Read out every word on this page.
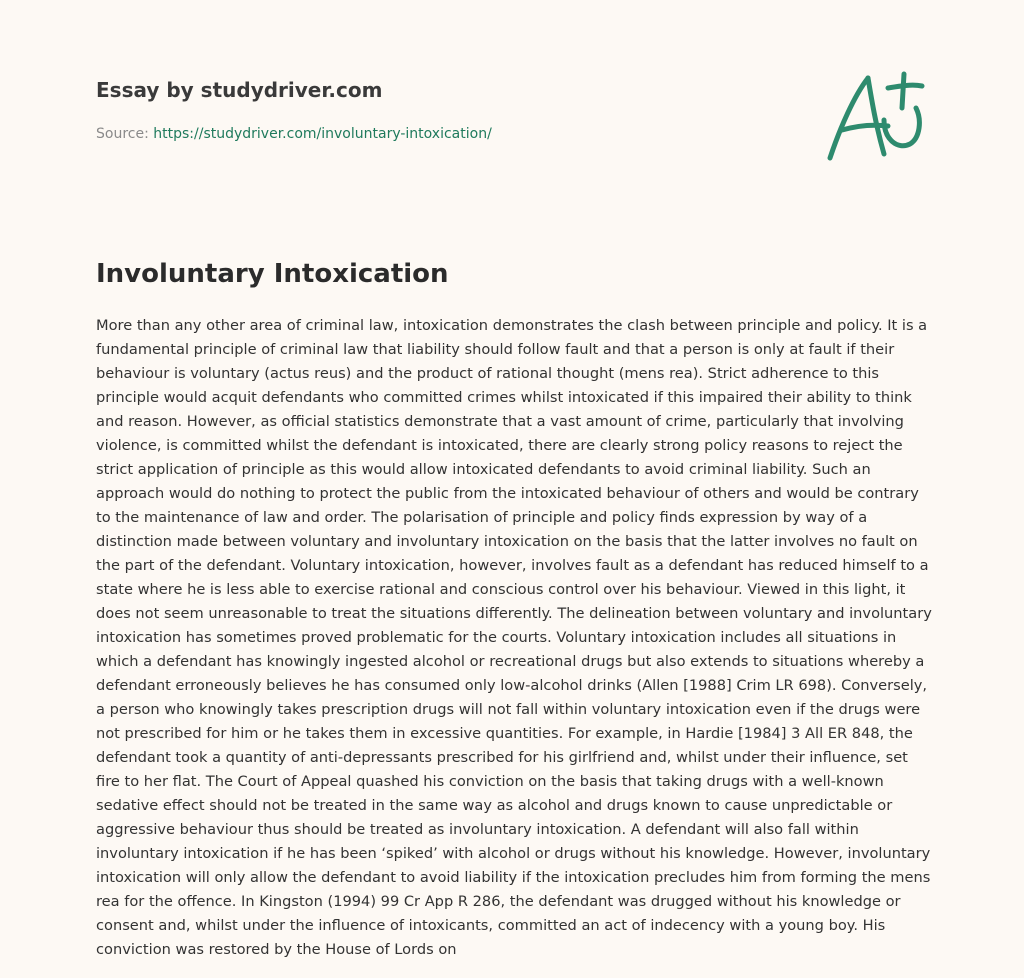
Essay by studydriver.com
Source: https://studydriver.com/involuntary-intoxication/
Involuntary Intoxication

More than any other area of criminal law, intoxication demonstrates the clash between principle and policy. It is a fundamental principle of criminal law that liability should follow fault and that a person is only at fault if their behaviour is voluntary (actus reus) and the product of rational thought (mens rea). Strict adherence to this principle would acquit defendants who committed crimes whilst intoxicated if this impaired their ability to think and reason. However, as official statistics demonstrate that a vast amount of crime, particularly that involving violence, is committed whilst the defendant is intoxicated, there are clearly strong policy reasons to reject the strict application of principle as this would allow intoxicated defendants to avoid criminal liability. Such an approach would do nothing to protect the public from the intoxicated behaviour of others and would be contrary to the maintenance of law and order. The polarisation of principle and policy finds expression by way of a distinction made between voluntary and involuntary intoxication on the basis that the latter involves no fault on the part of the defendant. Voluntary intoxication, however, involves fault as a defendant has reduced himself to a state where he is less able to exercise rational and conscious control over his behaviour. Viewed in this light, it does not seem unreasonable to treat the situations differently. The delineation between voluntary and involuntary intoxication has sometimes proved problematic for the courts. Voluntary intoxication includes all situations in which a defendant has knowingly ingested alcohol or recreational drugs but also extends to situations whereby a defendant erroneously believes he has consumed only low-alcohol drinks (Allen [1988] Crim LR 698). Conversely, a person who knowingly takes prescription drugs will not fall within voluntary intoxication even if the drugs were not prescribed for him or he takes them in excessive quantities. For example, in Hardie [1984] 3 All ER 848, the defendant took a quantity of anti-depressants prescribed for his girlfriend and, whilst under their influence, set fire to her flat. The Court of Appeal quashed his conviction on the basis that taking drugs with a well-known sedative effect should not be treated in the same way as alcohol and drugs known to cause unpredictable or aggressive behaviour thus should be treated as involuntary intoxication. A defendant will also fall within involuntary intoxication if he has been ‘spiked’ with alcohol or drugs without his knowledge. However, involuntary intoxication will only allow the defendant to avoid liability if the intoxication precludes him from forming the mens rea for the offence. In Kingston (1994) 99 Cr App R 286, the defendant was drugged without his knowledge or consent and, whilst under the influence of intoxicants, committed an act of indecency with a young boy. His conviction was restored by the House of Lords on
